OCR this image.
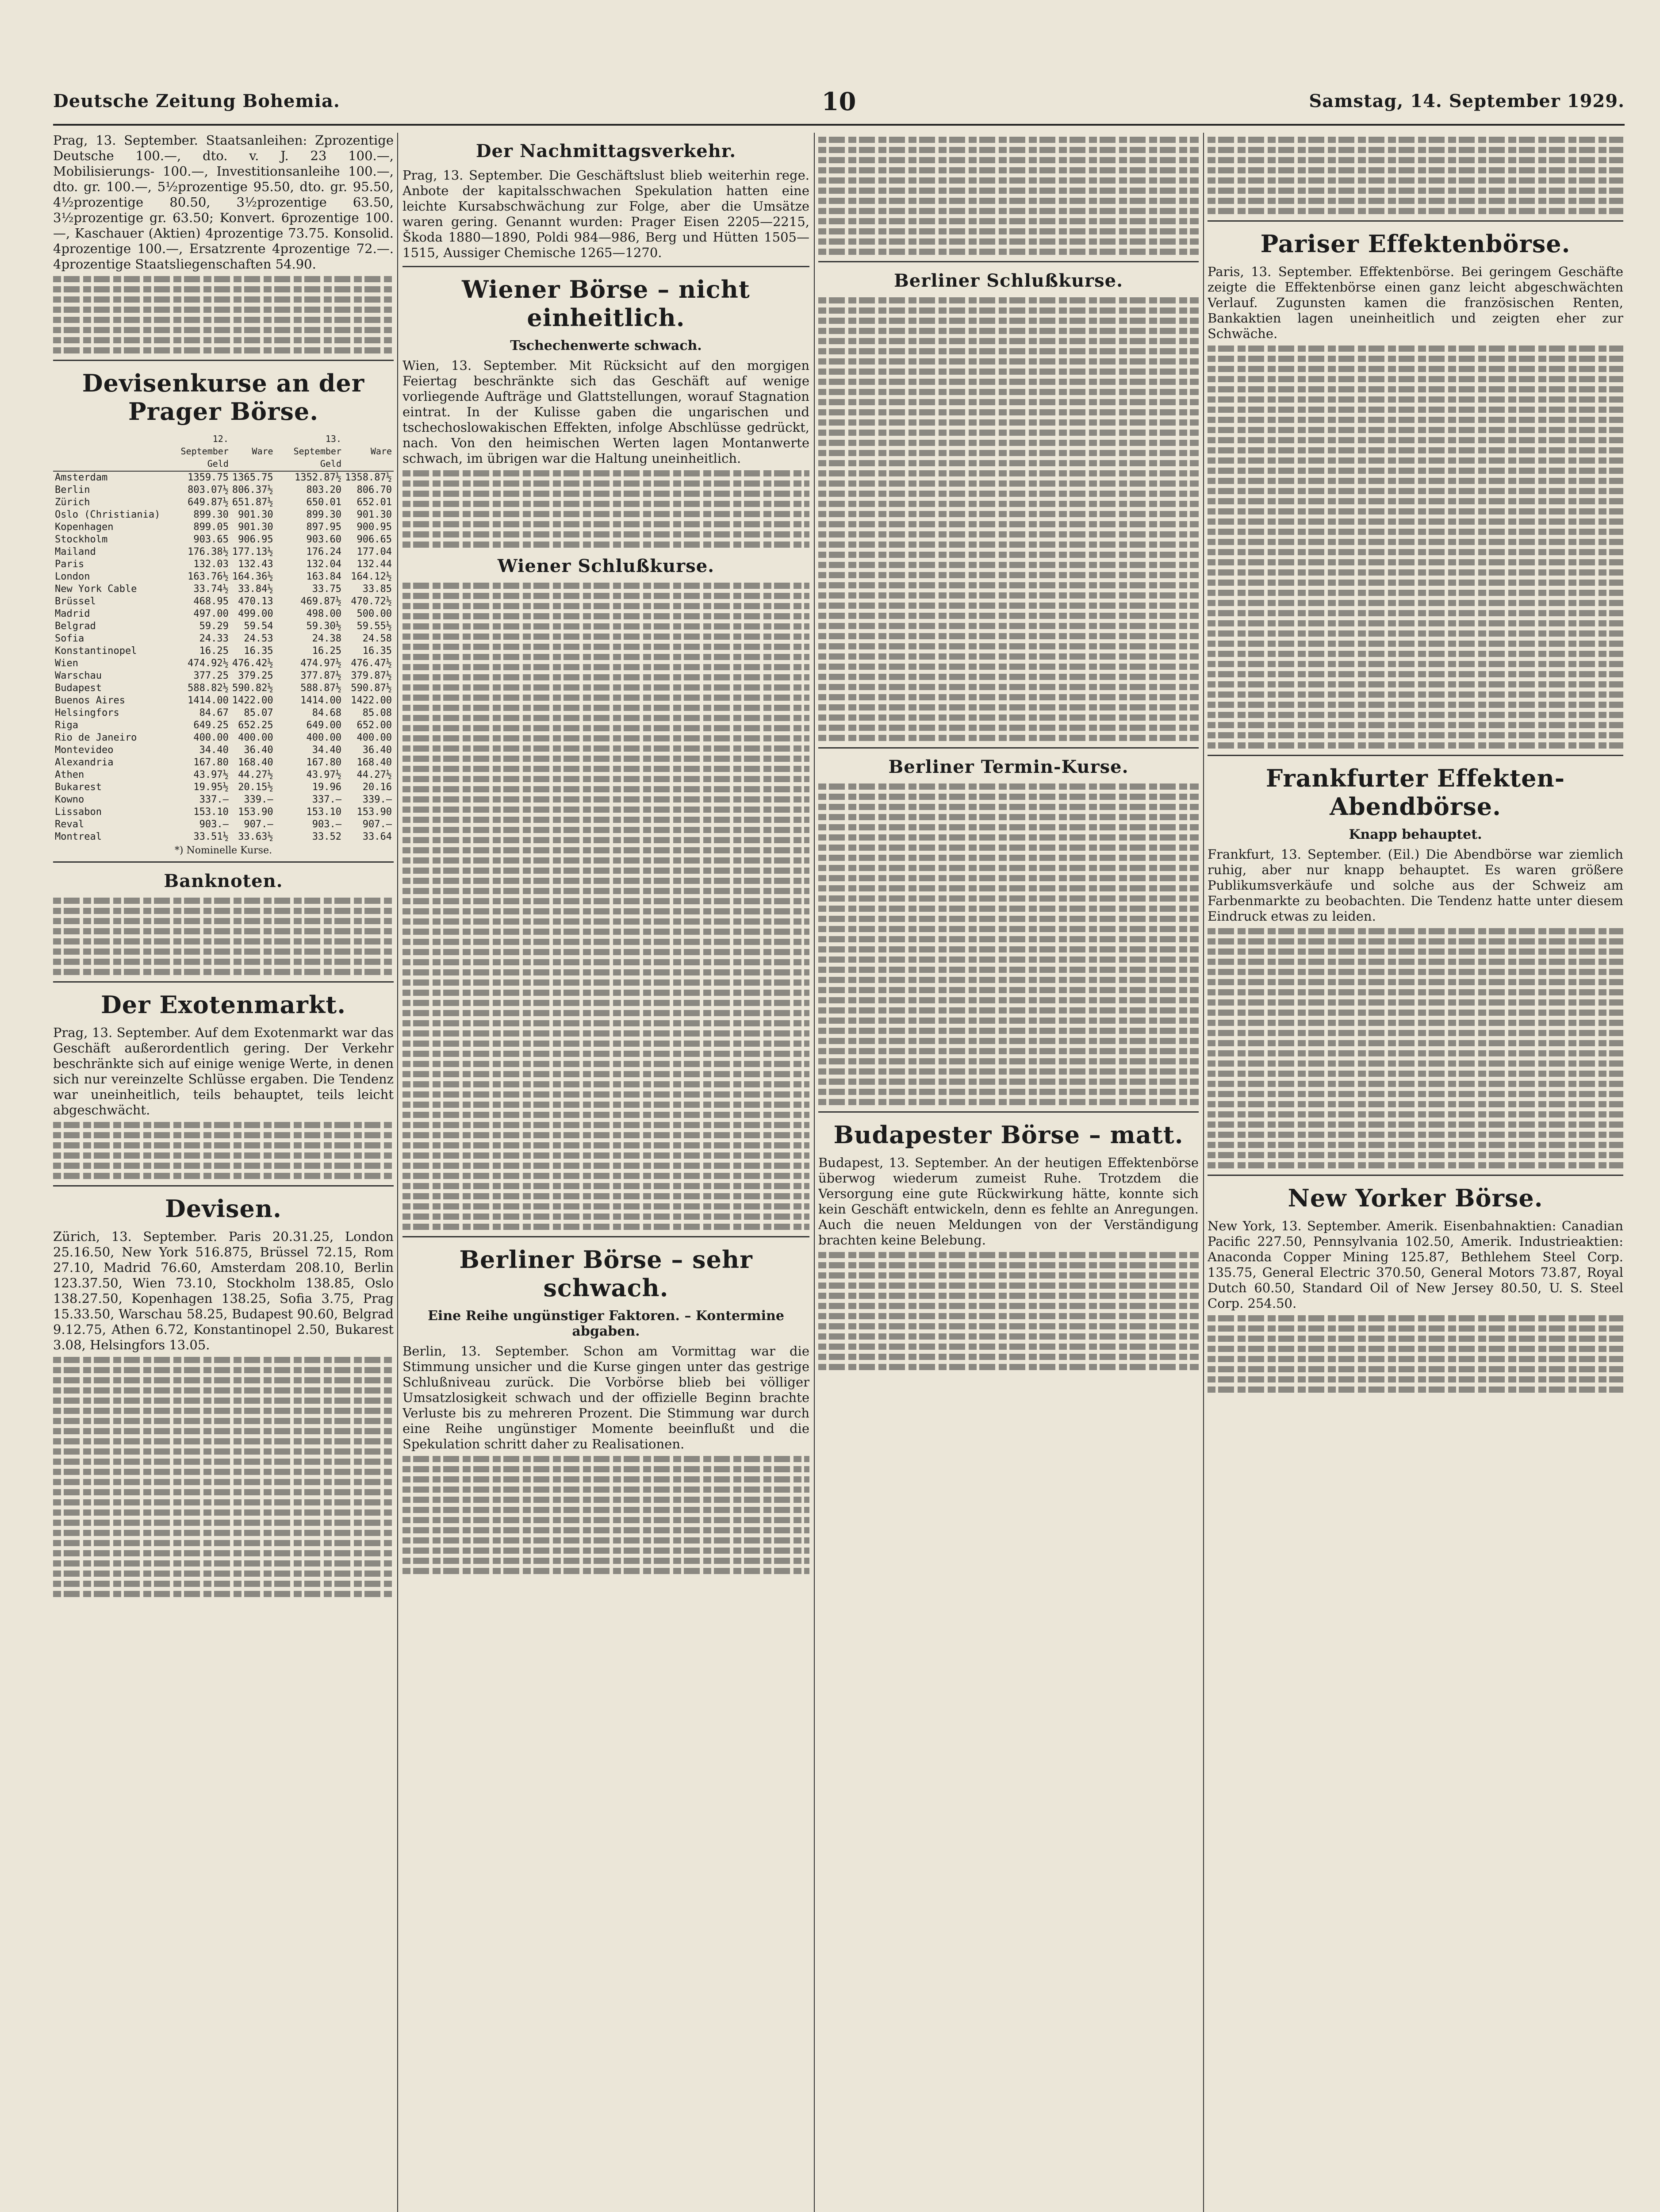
Deutsche Zeitung Bohemia.	10	Samstag, 14. September 1929.

Prag, 13. September. Staatsanleihen: Zprozentige Deutsche 100.—, dto. v. J. 23 100.—, Mobilisierungs- 100.—, Investitionsanleihe 100.—, dto. gr. 100.—, 5½prozentige 95.50, dto. gr. 95.50, 4½prozentige 80.50, 3½prozentige 63.50, 3½prozentige gr. 63.50; Konvert. 6prozentige 100.—, Kaschauer (Aktien) 4prozentige 73.75. Konsolid. 4prozentige 100.—, Ersatzrente 4prozentige 72.—. 4prozentige Staatsliegenschaften 54.90.

Devisenkurse an der Prager Börse.
	12. September Geld	Ware	13. September Geld	Ware
Amsterdam	1359.75	1365.75	1352.87½	1358.87½
Berlin	803.07½	806.37½	803.20	806.70
Zürich	649.87½	651.87½	650.01	652.01
Oslo (Christiania)	899.30	901.30	899.30	901.30
Kopenhagen	899.05	901.30	897.95	900.95
Stockholm	903.65	906.95	903.60	906.65
Mailand	176.38½	177.13½	176.24	177.04
Paris	132.03	132.43	132.04	132.44
London	163.76½	164.36½	163.84	164.12½
New York Cable	33.74½	33.84½	33.75	33.85
Brüssel	468.95	470.13	469.87½	470.72½
Madrid	497.00	499.00	498.00	500.00
Belgrad	59.29	59.54	59.30½	59.55½
Sofia	24.33	24.53	24.38	24.58
Konstantinopel	16.25	16.35	16.25	16.35
Wien	474.92½	476.42½	474.97½	476.47½
Warschau	377.25	379.25	377.87½	379.87½
Budapest	588.82½	590.82½	588.87½	590.87½
Buenos Aires	1414.00	1422.00	1414.00	1422.00
Helsingfors	84.67	85.07	84.68	85.08
Riga	649.25	652.25	649.00	652.00
Rio de Janeiro	400.00	400.00	400.00	400.00
Montevideo	34.40	36.40	34.40	36.40
Alexandria	167.80	168.40	167.80	168.40
Athen	43.97½	44.27½	43.97½	44.27½
Bukarest	19.95½	20.15½	19.96	20.16
Kowno	337.—	339.—	337.—	339.—
Lissabon	153.10	153.90	153.10	153.90
Reval	903.—	907.—	903.—	907.—
Montreal	33.51½	33.63½	33.52	33.64
*) Nominelle Kurse.
Banknoten.
Der Exotenmarkt.

Prag, 13. September. Auf dem Exotenmarkt war das Geschäft außerordentlich gering. Der Verkehr beschränkte sich auf einige wenige Werte, in denen sich nur vereinzelte Schlüsse ergaben. Die Tendenz war uneinheitlich, teils behauptet, teils leicht abgeschwächt.

Devisen.

Zürich, 13. September. Paris 20.31.25, London 25.16.50, New York 516.875, Brüssel 72.15, Rom 27.10, Madrid 76.60, Amsterdam 208.10, Berlin 123.37.50, Wien 73.10, Stockholm 138.85, Oslo 138.27.50, Kopenhagen 138.25, Sofia 3.75, Prag 15.33.50, Warschau 58.25, Budapest 90.60, Belgrad 9.12.75, Athen 6.72, Konstantinopel 2.50, Bukarest 3.08, Helsingfors 13.05.

Der Nachmittagsverkehr.

Prag, 13. September. Die Geschäftslust blieb weiterhin rege. Anbote der kapitalsschwachen Spekulation hatten eine leichte Kursabschwächung zur Folge, aber die Umsätze waren gering. Genannt wurden: Prager Eisen 2205—2215, Škoda 1880—1890, Poldi 984—986, Berg und Hütten 1505—1515, Aussiger Chemische 1265—1270.

Wiener Börse – nicht einheitlich.
Tschechenwerte schwach.

Wien, 13. September. Mit Rücksicht auf den morgigen Feiertag beschränkte sich das Geschäft auf wenige vorliegende Aufträge und Glattstellungen, worauf Stagnation eintrat. In der Kulisse gaben die ungarischen und tschechoslowakischen Effekten, infolge Abschlüsse gedrückt, nach. Von den heimischen Werten lagen Montanwerte schwach, im übrigen war die Haltung uneinheitlich.

Wiener Schlußkurse.
Berliner Börse – sehr schwach.
Eine Reihe ungünstiger Faktoren. – Konterminе abgaben.

Berlin, 13. September. Schon am Vormittag war die Stimmung unsicher und die Kurse gingen unter das gestrige Schlußniveau zurück. Die Vorbörse blieb bei völliger Umsatzlosigkeit schwach und der offizielle Beginn brachte Verluste bis zu mehreren Prozent. Die Stimmung war durch eine Reihe ungünstiger Momente beeinflußt und die Spekulation schritt daher zu Realisationen.

Berliner Schlußkurse.
Berliner Termin-Kurse.
Budapester Börse – matt.

Budapest, 13. September. An der heutigen Effektenbörse überwog wiederum zumeist Ruhe. Trotzdem die Versorgung eine gute Rückwirkung hätte, konnte sich kein Geschäft entwickeln, denn es fehlte an Anregungen. Auch die neuen Meldungen von der Verständigung brachten keine Belebung.

Pariser Effektenbörse.

Paris, 13. September. Effektenbörse. Bei geringem Geschäfte zeigte die Effektenbörse einen ganz leicht abgeschwächten Verlauf. Zugunsten kamen die französischen Renten, Bankaktien lagen uneinheitlich und zeigten eher zur Schwäche.

Frankfurter Effekten-Abendbörse.
Knapp behauptet.

Frankfurt, 13. September. (Eil.) Die Abendbörse war ziemlich ruhig, aber nur knapp behauptet. Es waren größere Publikumsverkäufe und solche aus der Schweiz am Farbenmarkte zu beobachten. Die Tendenz hatte unter diesem Eindruck etwas zu leiden.

New Yorker Börse.

New York, 13. September. Amerik. Eisenbahnaktien: Canadian Pacific 227.50, Pennsylvania 102.50, Amerik. Industrieaktien: Anaconda Copper Mining 125.87, Bethlehem Steel Corp. 135.75, General Electric 370.50, General Motors 73.87, Royal Dutch 60.50, Standard Oil of New Jersey 80.50, U. S. Steel Corp. 254.50.
